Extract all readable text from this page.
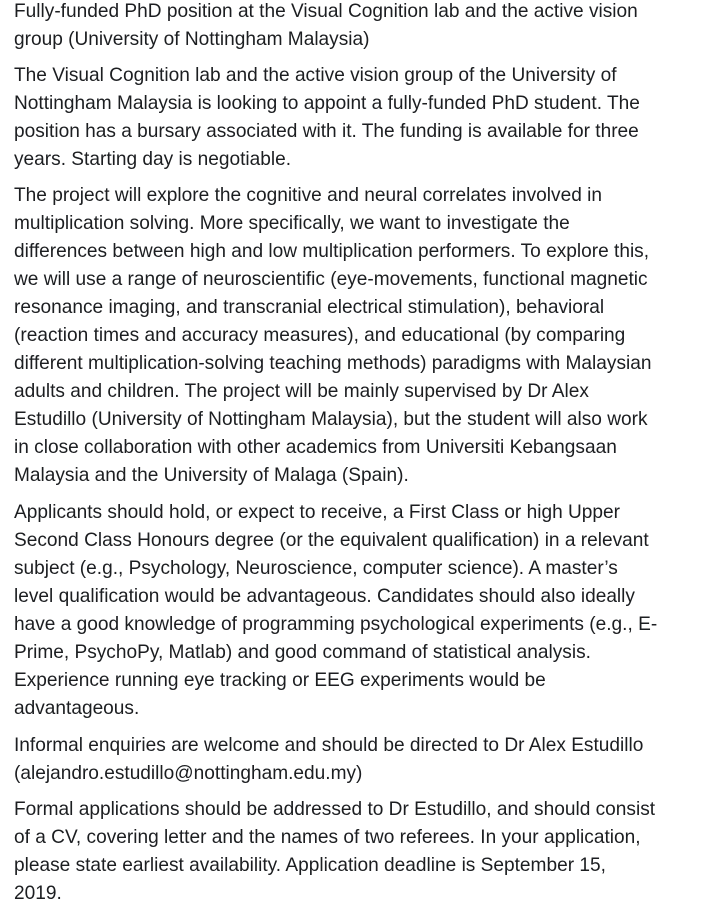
Fully-funded PhD position at the Visual Cognition lab and the active vision
group (University of Nottingham Malaysia)

The Visual Cognition lab and the active vision group of the University of
Nottingham Malaysia is looking to appoint a fully-funded PhD student. The
position has a bursary associated with it. The funding is available for three
years. Starting day is negotiable.

The project will explore the cognitive and neural correlates involved in
multiplication solving. More specifically, we want to investigate the
differences between high and low multiplication performers. To explore this,
we will use a range of neuroscientific (eye-movements, functional magnetic
resonance imaging, and transcranial electrical stimulation), behavioral
(reaction times and accuracy measures), and educational (by comparing
different multiplication-solving teaching methods) paradigms with Malaysian
adults and children. The project will be mainly supervised by Dr Alex
Estudillo (University of Nottingham Malaysia), but the student will also work
in close collaboration with other academics from Universiti Kebangsaan
Malaysia and the University of Malaga (Spain).

Applicants should hold, or expect to receive, a First Class or high Upper
Second Class Honours degree (or the equivalent qualification) in a relevant
subject (e.g., Psychology, Neuroscience, computer science). A master’s
level qualification would be advantageous. Candidates should also ideally
have a good knowledge of programming psychological experiments (e.g., E-
Prime, PsychoPy, Matlab) and good command of statistical analysis.
Experience running eye tracking or EEG experiments would be
advantageous.

Informal enquiries are welcome and should be directed to Dr Alex Estudillo
(alejandro.estudillo@nottingham.edu.my)

Formal applications should be addressed to Dr Estudillo, and should consist
of a CV, covering letter and the names of two referees. In your application,
please state earliest availability. Application deadline is September 15,
2019.
